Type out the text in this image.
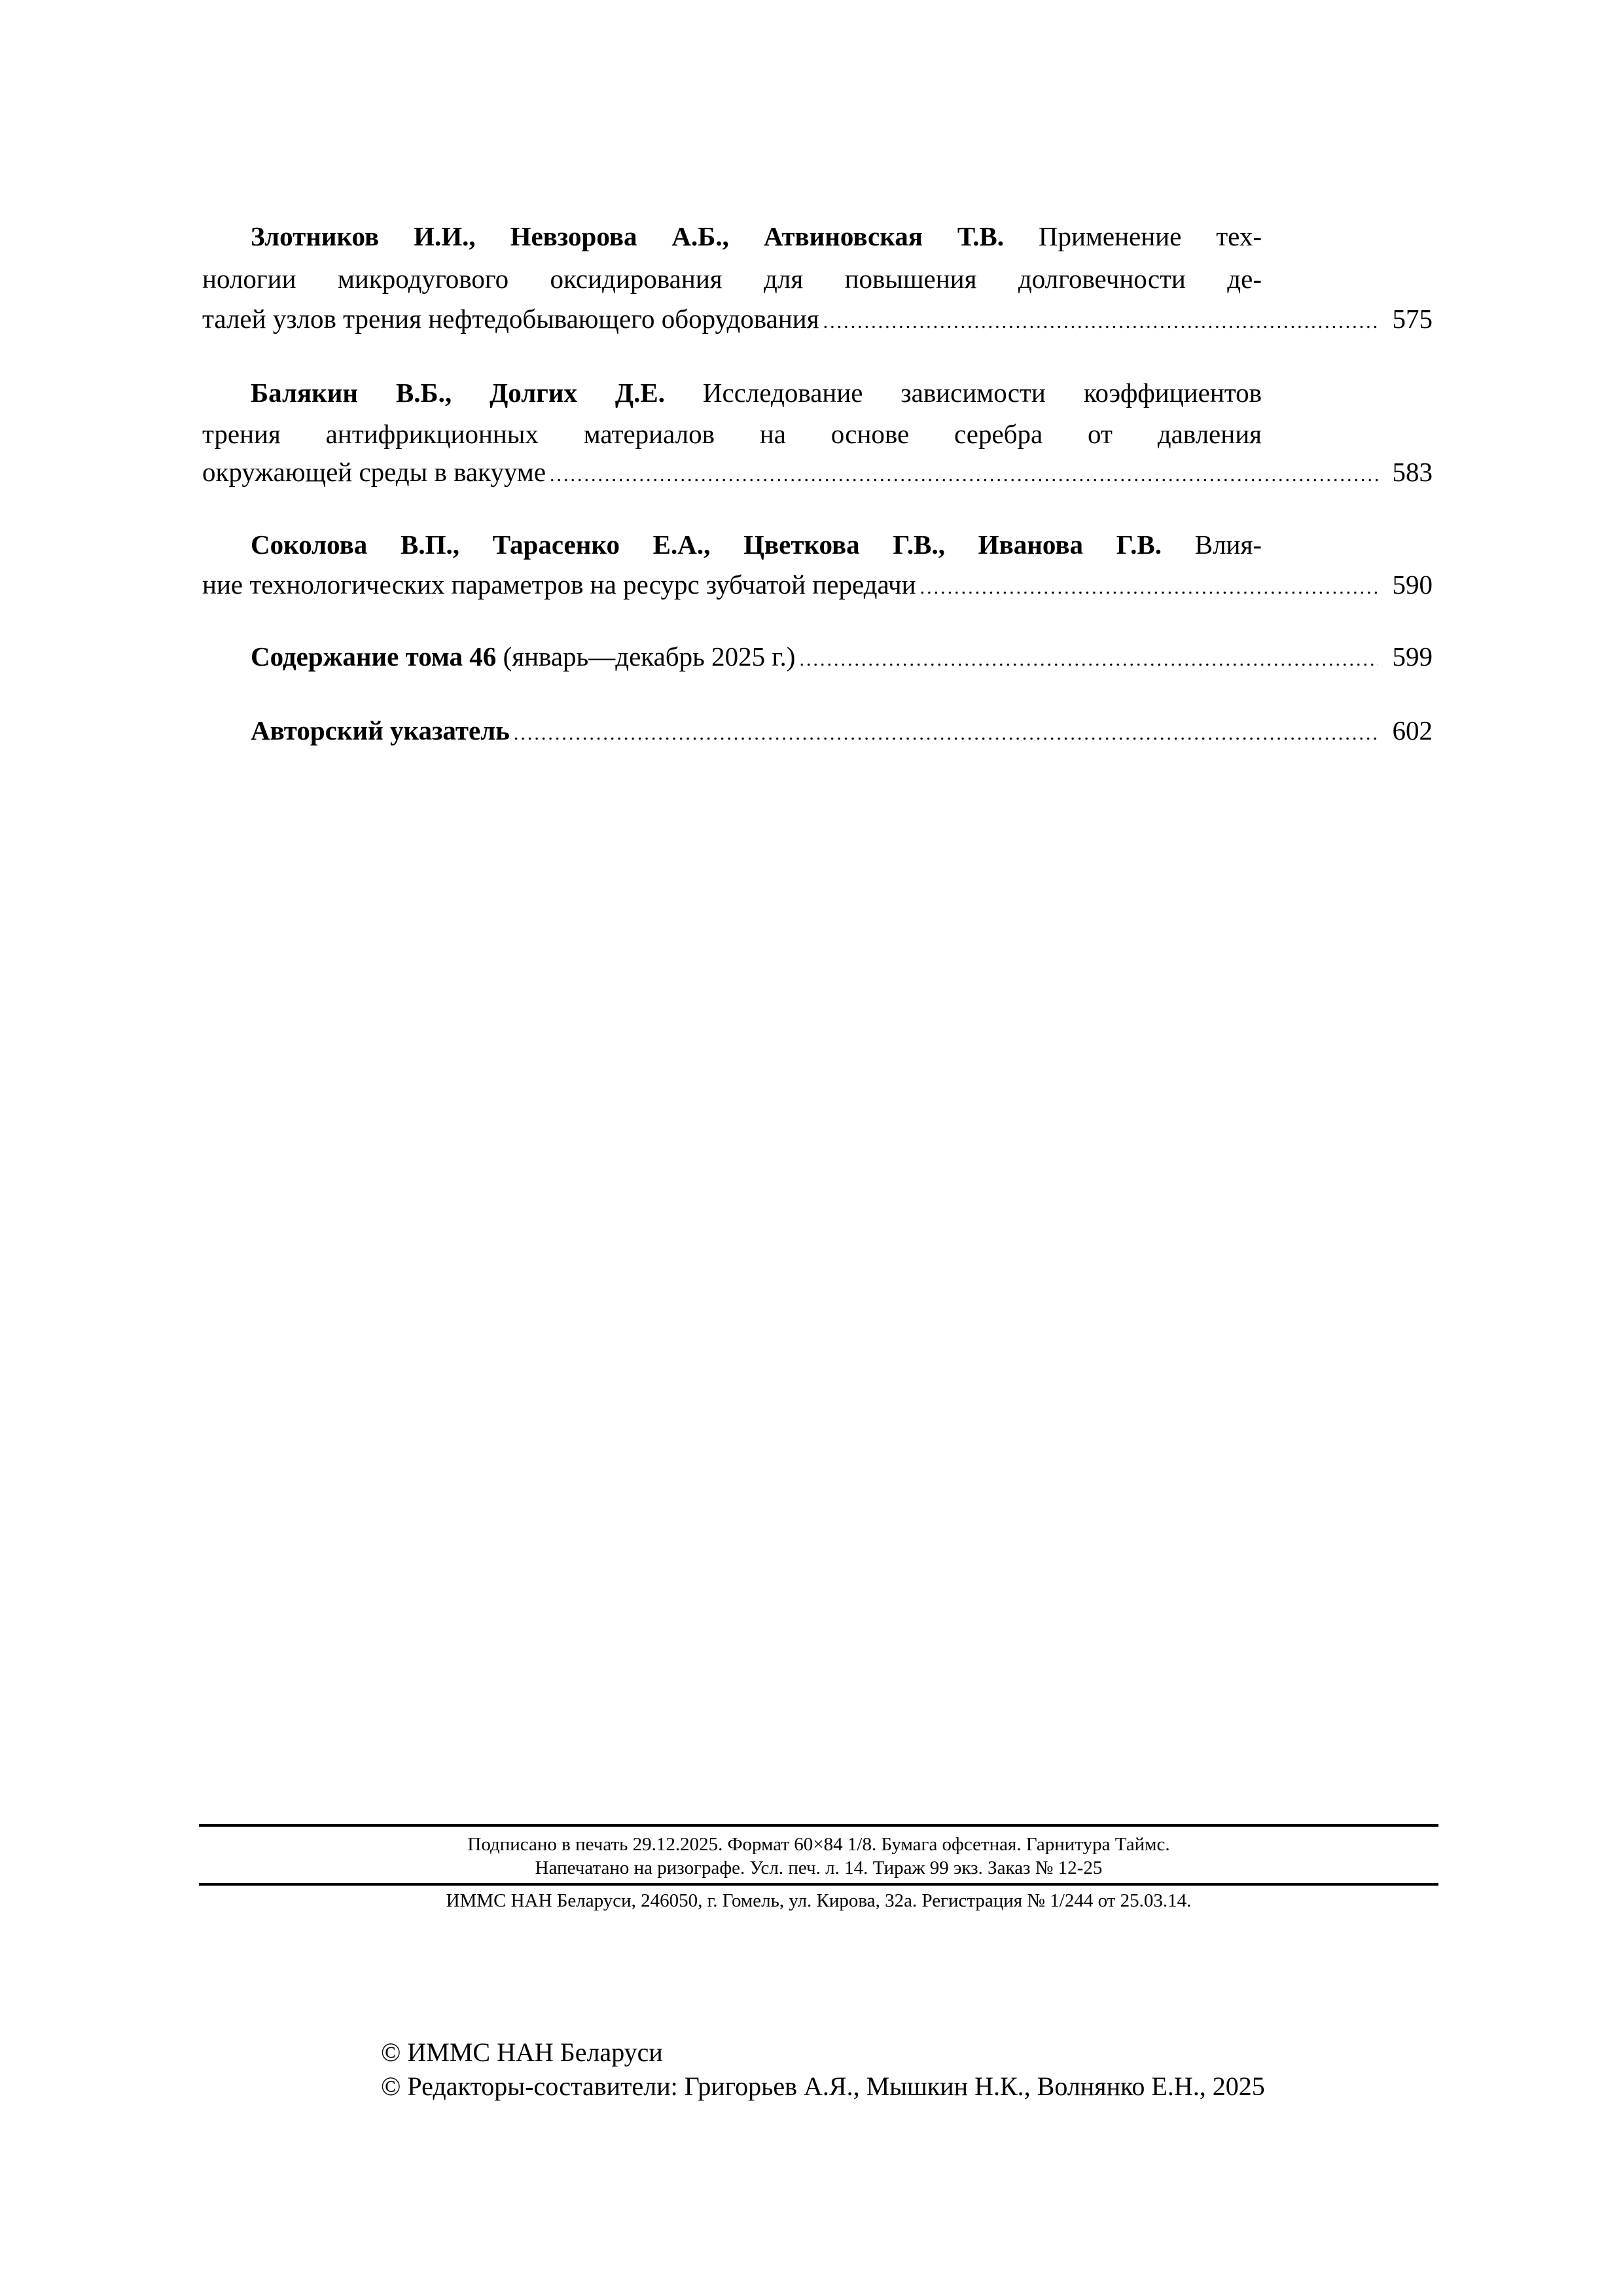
Злотников И.И., Невзорова А.Б., Атвиновская Т.В. Применение тех-
нологии микродугового оксидирования для повышения долговечности де-
талей узлов трения нефтедобывающего оборудования .....	575
Балякин В.Б., Долгих Д.Е. Исследование зависимости коэффициентов
трения антифрикционных материалов на основе серебра от давления
окружающей среды в вакууме .....	583
Соколова В.П., Тарасенко Е.А., Цветкова Г.В., Иванова Г.В. Влия-
ние технологических параметров на ресурс зубчатой передачи .....	590
Содержание тома 46 (январь—декабрь 2025 г.) .....	599
Авторский указатель .....	602
Подписано в печать 29.12.2025. Формат 60×84 1/8. Бумага офсетная. Гарнитура Таймс.
Напечатано на ризографе. Усл. печ. л. 14. Тираж 99 экз. Заказ № 12-25
ИММС НАН Беларуси, 246050, г. Гомель, ул. Кирова, 32а. Регистрация № 1/244 от 25.03.14.
© ИММС НАН Беларуси
© Редакторы-составители: Григорьев А.Я., Мышкин Н.К., Волнянко Е.Н., 2025
